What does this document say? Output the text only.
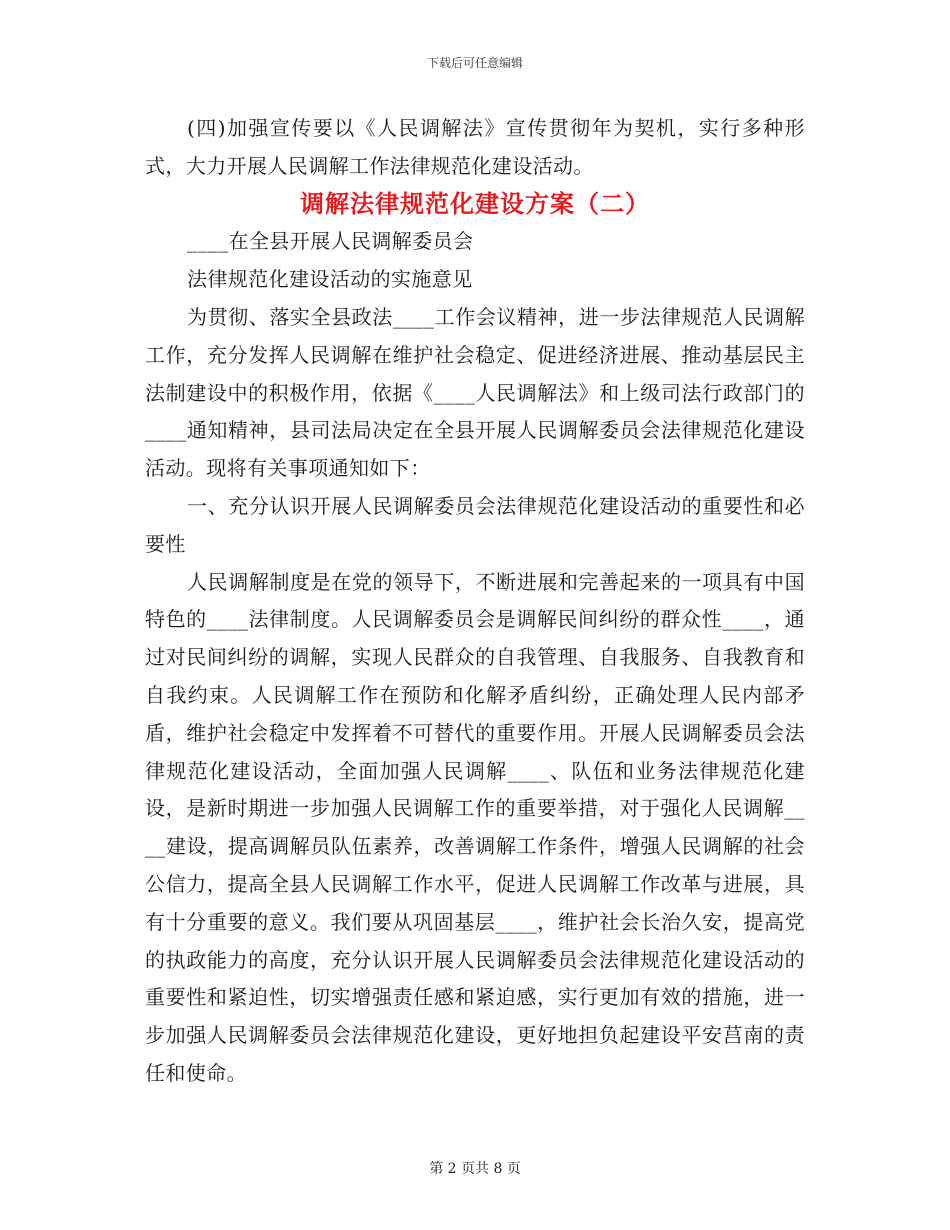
下载后可任意编辑

(四)加强宣传要以《人民调解法》宣传贯彻年为契机，实行多种形式，大力开展人民调解工作法律规范化建设活动。

调解法律规范化建设方案（二）

____在全县开展人民调解委员会

法律规范化建设活动的实施意见

为贯彻、落实全县政法____工作会议精神，进一步法律规范人民调解工作，充分发挥人民调解在维护社会稳定、促进经济进展、推动基层民主法制建设中的积极作用，依据《____人民调解法》和上级司法行政部门的____通知精神，县司法局决定在全县开展人民调解委员会法律规范化建设活动。现将有关事项通知如下：

一、充分认识开展人民调解委员会法律规范化建设活动的重要性和必要性

人民调解制度是在党的领导下，不断进展和完善起来的一项具有中国特色的____法律制度。人民调解委员会是调解民间纠纷的群众性____，通过对民间纠纷的调解，实现人民群众的自我管理、自我服务、自我教育和自我约束。人民调解工作在预防和化解矛盾纠纷，正确处理人民内部矛盾，维护社会稳定中发挥着不可替代的重要作用。开展人民调解委员会法律规范化建设活动，全面加强人民调解____、队伍和业务法律规范化建设，是新时期进一步加强人民调解工作的重要举措，对于强化人民调解____建设，提高调解员队伍素养，改善调解工作条件，增强人民调解的社会公信力，提高全县人民调解工作水平，促进人民调解工作改革与进展，具有十分重要的意义。我们要从巩固基层____，维护社会长治久安，提高党的执政能力的高度，充分认识开展人民调解委员会法律规范化建设活动的重要性和紧迫性，切实增强责任感和紧迫感，实行更加有效的措施，进一步加强人民调解委员会法律规范化建设，更好地担负起建设平安莒南的责任和使命。

第 2 页共 8 页
